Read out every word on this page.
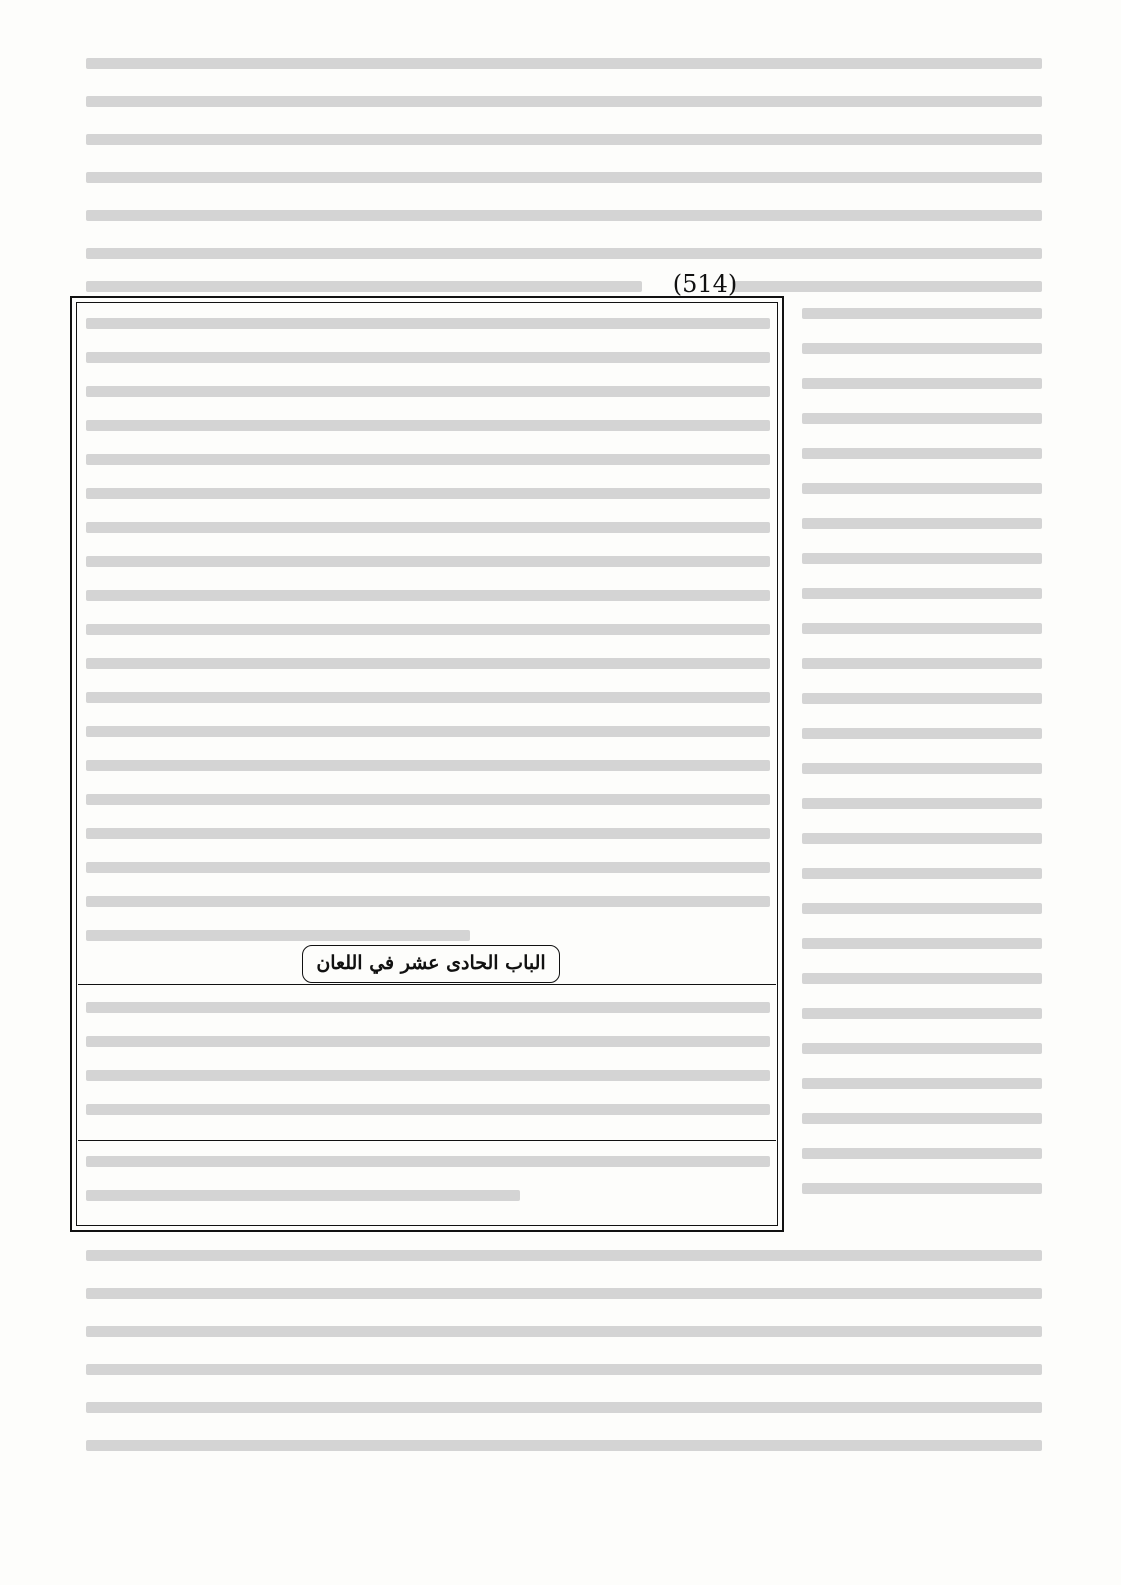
(514)
الباب الحادى عشر في اللعان
